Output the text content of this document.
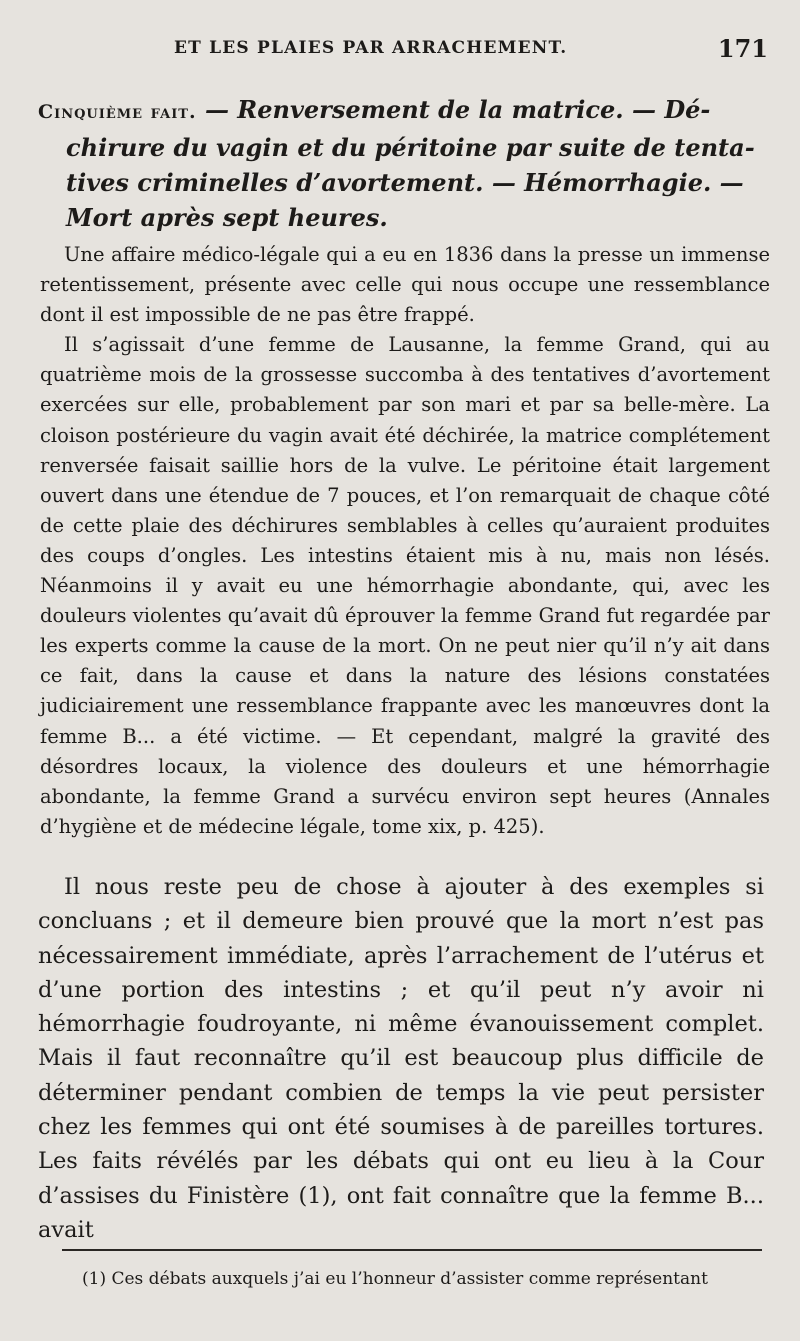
ET LES PLAIES PAR ARRACHEMENT.	171
Cinquième fait. — Renversement de la matrice. — Dé-
chirure du vagin et du péritoine par suite de tenta-
tives criminelles d’avortement. — Hémorrhagie. —
Mort après sept heures.

Une affaire médico-légale qui a eu en 1836 dans la presse un immense retentissement, présente avec celle qui nous occupe une ressemblance dont il est impossible de ne pas être frappé.

Il s’agissait d’une femme de Lausanne, la femme Grand, qui au quatrième mois de la grossesse succomba à des tentatives d’avortement exercées sur elle, probablement par son mari et par sa belle-mère. La cloison postérieure du vagin avait été déchirée, la matrice complétement renversée faisait saillie hors de la vulve. Le péritoine était largement ouvert dans une étendue de 7 pouces, et l’on remarquait de chaque côté de cette plaie des déchirures semblables à celles qu’auraient produites des coups d’ongles. Les intestins étaient mis à nu, mais non lésés. Néanmoins il y avait eu une hémorrhagie abondante, qui, avec les douleurs violentes qu’avait dû éprouver la femme Grand fut regardée par les experts comme la cause de la mort. On ne peut nier qu’il n’y ait dans ce fait, dans la cause et dans la nature des lésions constatées judiciairement une ressemblance frappante avec les manœuvres dont la femme B... a été victime. — Et cependant, malgré la gravité des désordres locaux, la violence des douleurs et une hémorrhagie abondante, la femme Grand a survécu environ sept heures (Annales d’hygiène et de médecine légale, tome xix, p. 425).

Il nous reste peu de chose à ajouter à des exemples si concluans ; et il demeure bien prouvé que la mort n’est pas nécessairement immédiate, après l’arrachement de l’utérus et d’une portion des intestins ; et qu’il peut n’y avoir ni hémorrhagie foudroyante, ni même évanouissement complet. Mais il faut reconnaître qu’il est beaucoup plus difficile de déterminer pendant combien de temps la vie peut persister chez les femmes qui ont été soumises à de pareilles tortures. Les faits révélés par les débats qui ont eu lieu à la Cour d’assises du Finistère (1), ont fait connaître que la femme B... avait

(1) Ces débats auxquels j’ai eu l’honneur d’assister comme représentant
